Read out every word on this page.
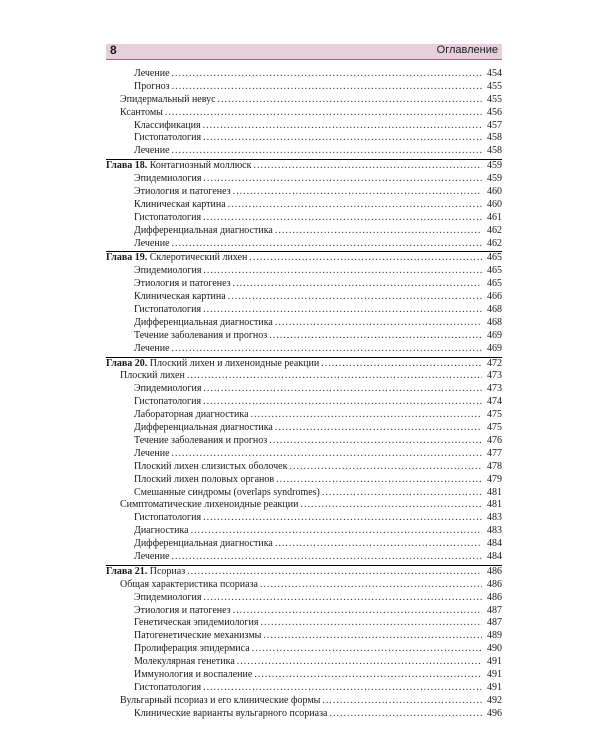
8	Оглавление
Лечение .....	454
Прогноз .....	455
Эпидермальный невус .....	455
Ксантомы .....	456
Классификация .....	457
Гистопатология .....	458
Лечение .....	458
Глава 18. Контагиозный моллюск .....	459
Эпидемиология .....	459
Этиология и патогенез .....	460
Клиническая картина .....	460
Гистопатология .....	461
Дифференциальная диагностика .....	462
Лечение .....	462
Глава 19. Склеротический лихен .....	465
Эпидемиология .....	465
Этиология и патогенез .....	465
Клиническая картина .....	466
Гистопатология .....	468
Дифференциальная диагностика .....	468
Течение заболевания и прогноз .....	469
Лечение .....	469
Глава 20. Плоский лихен и лихеноидные реакции .....	472
Плоский лихен .....	473
Эпидемиология .....	473
Гистопатология .....	474
Лабораторная диагностика .....	475
Дифференциальная диагностика .....	475
Течение заболевания и прогноз .....	476
Лечение .....	477
Плоский лихен слизистых оболочек .....	478
Плоский лихен половых органов .....	479
Смешанные синдромы (overlaps syndromes) .....	481
Симптоматические лихеноидные реакции .....	481
Гистопатология .....	483
Диагностика .....	483
Дифференциальная диагностика .....	484
Лечение .....	484
Глава 21. Псориаз .....	486
Общая характеристика псориаза .....	486
Эпидемиология .....	486
Этиология и патогенез .....	487
Генетическая эпидемиология .....	487
Патогенетические механизмы .....	489
Пролиферация эпидермиса .....	490
Молекулярная генетика .....	491
Иммунология и воспаление .....	491
Гистопатология .....	491
Вульгарный псориаз и его клинические формы .....	492
Клинические варианты вульгарного псориаза .....	496
